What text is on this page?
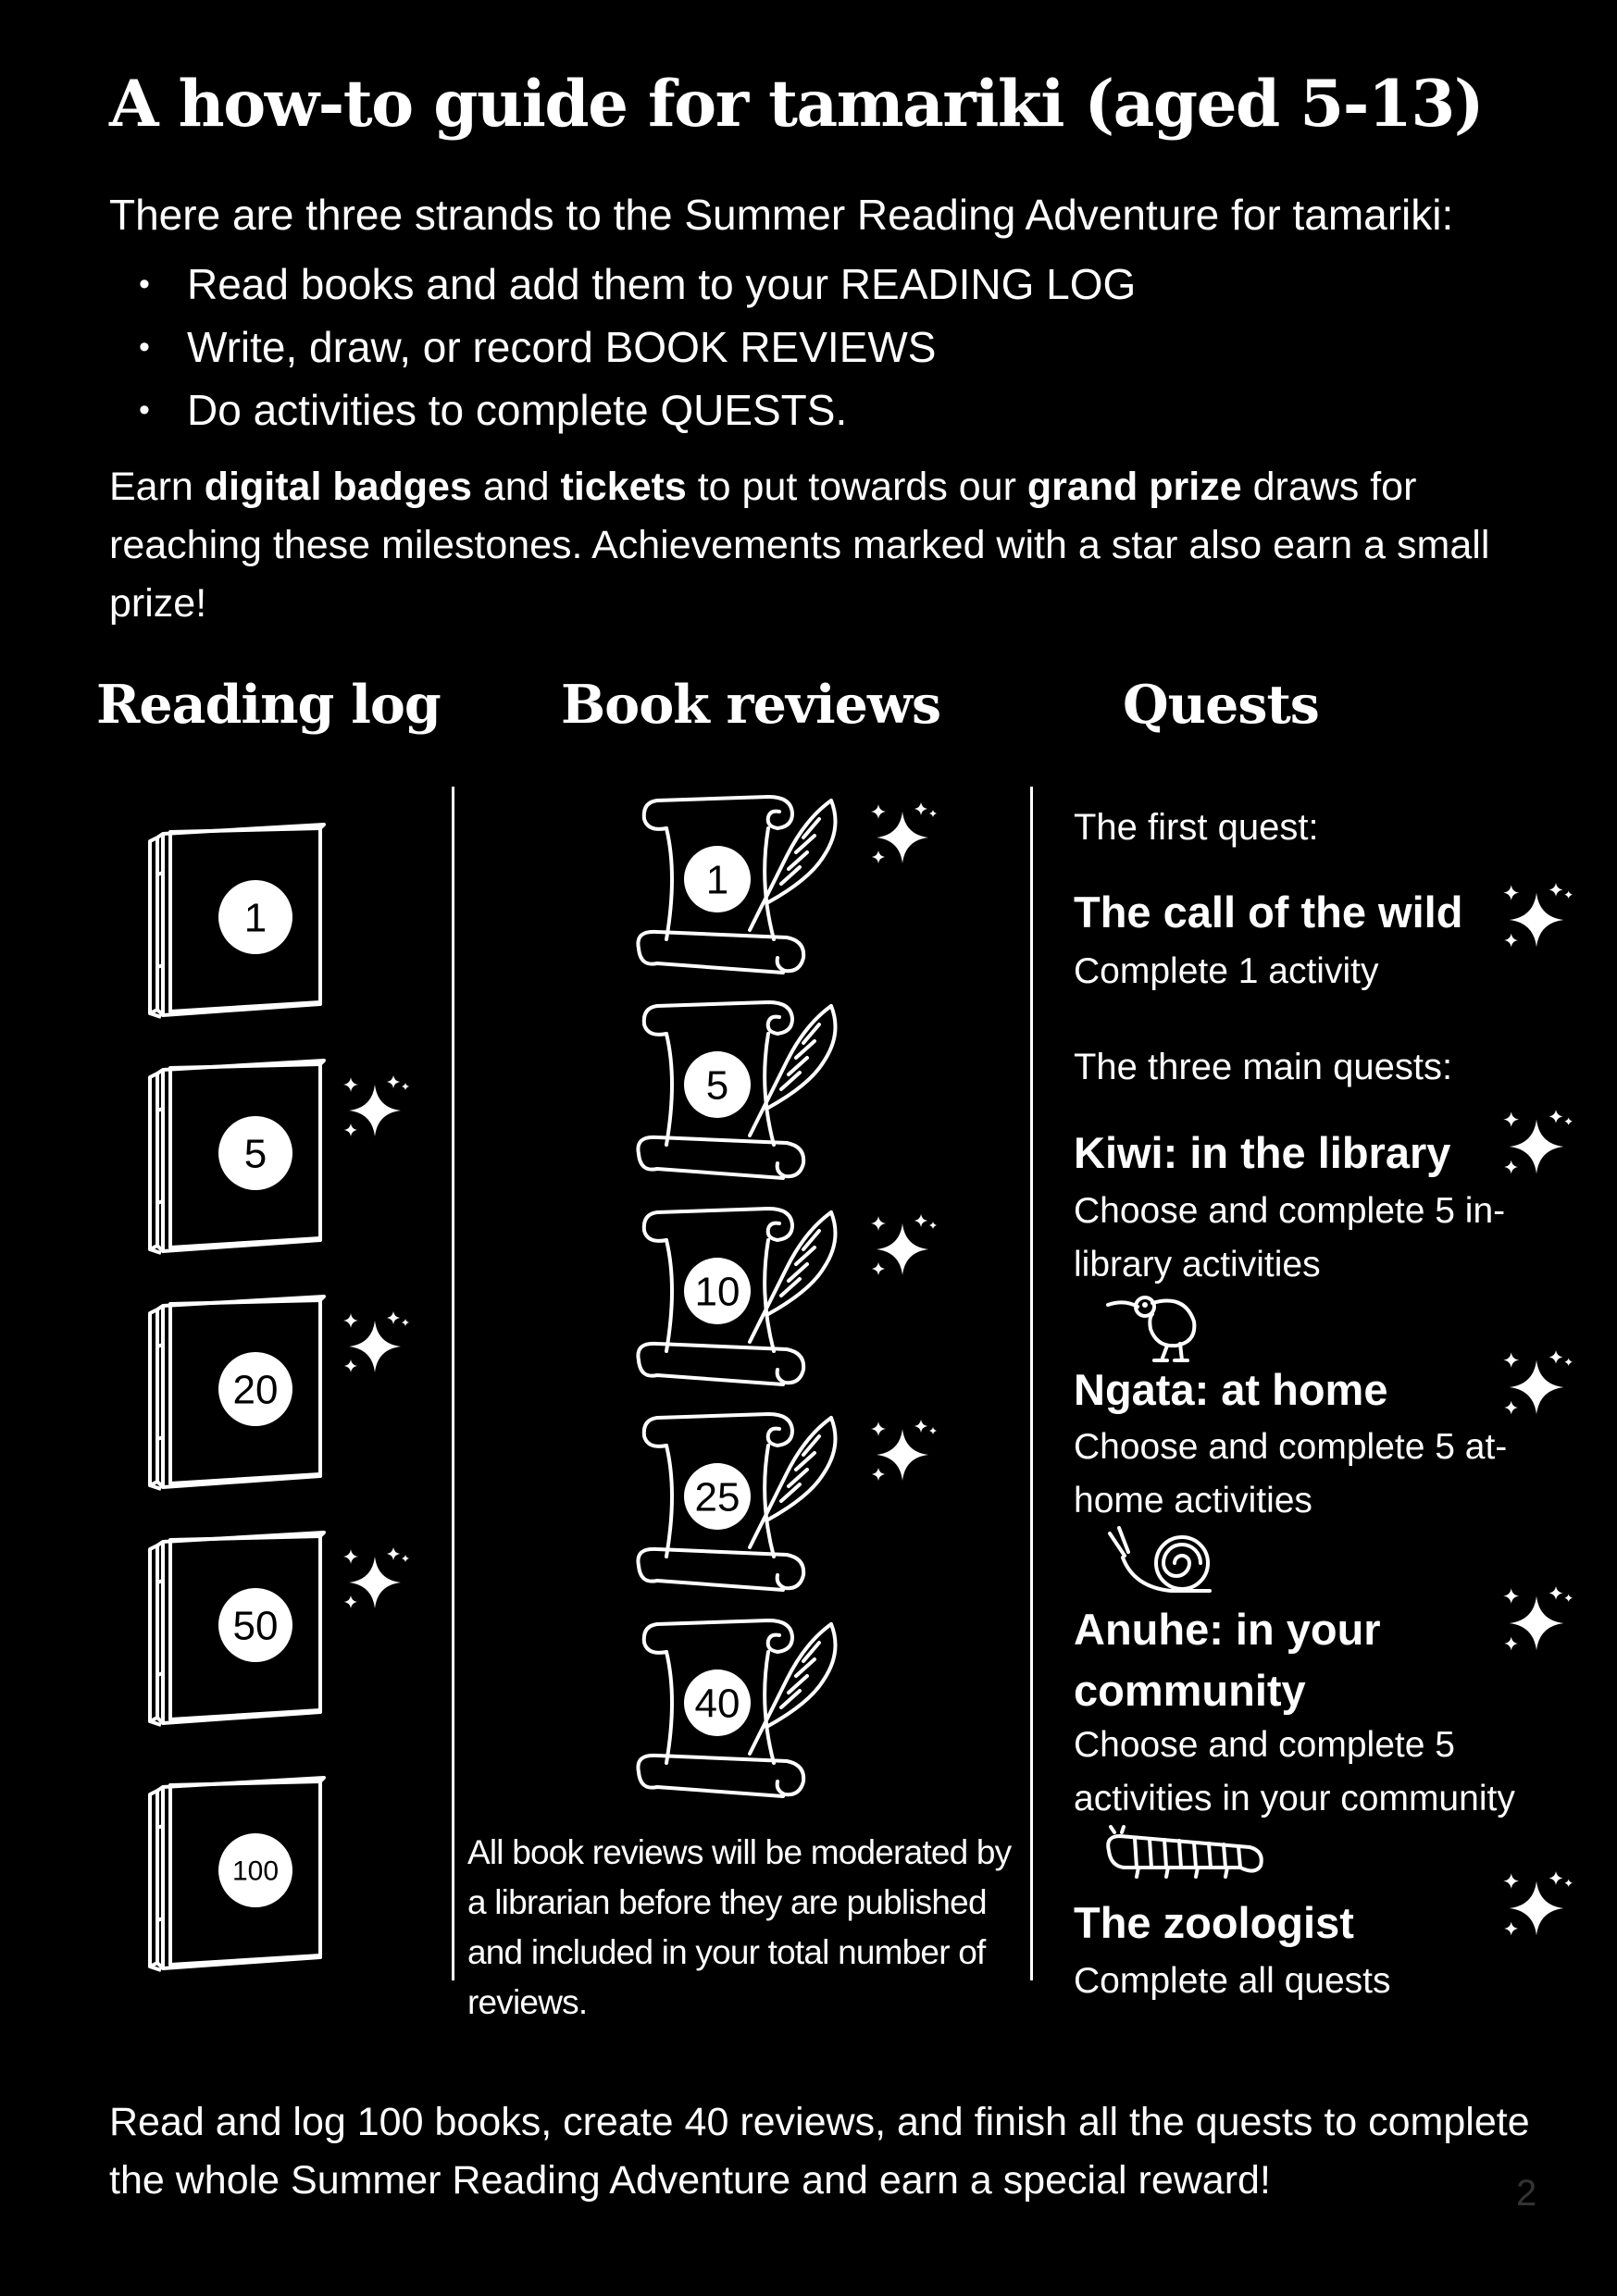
A how-to guide for tamariki (aged 5-13)
There are three strands to the Summer Reading Adventure for tamariki:
• Read books and add them to your READING LOG
• Write, draw, or record BOOK REVIEWS
• Do activities to complete QUESTS.
Earn digital badges and tickets to put towards our grand prize draws for reaching these milestones. Achievements marked with a star also earn a small prize!
Reading log Book reviews	Quests
All book reviews will be moderated by a librarian before they are published and included in your total number of reviews.
The first quest:
The call of the wild
Complete 1 activity
The three main quests:
Kiwi: in the library
Choose and complete 5 in-library activities
Ngata: at home
Choose and complete 5 at-home activities
Anuhe: in your community
Choose and complete 5 activities in your community
The zoologist
Complete all quests
Read and log 100 books, create 40 reviews, and finish all the quests to complete the whole Summer Reading Adventure and earn a special reward!	2
1
5
20
50
100
1
5
10
25
40
